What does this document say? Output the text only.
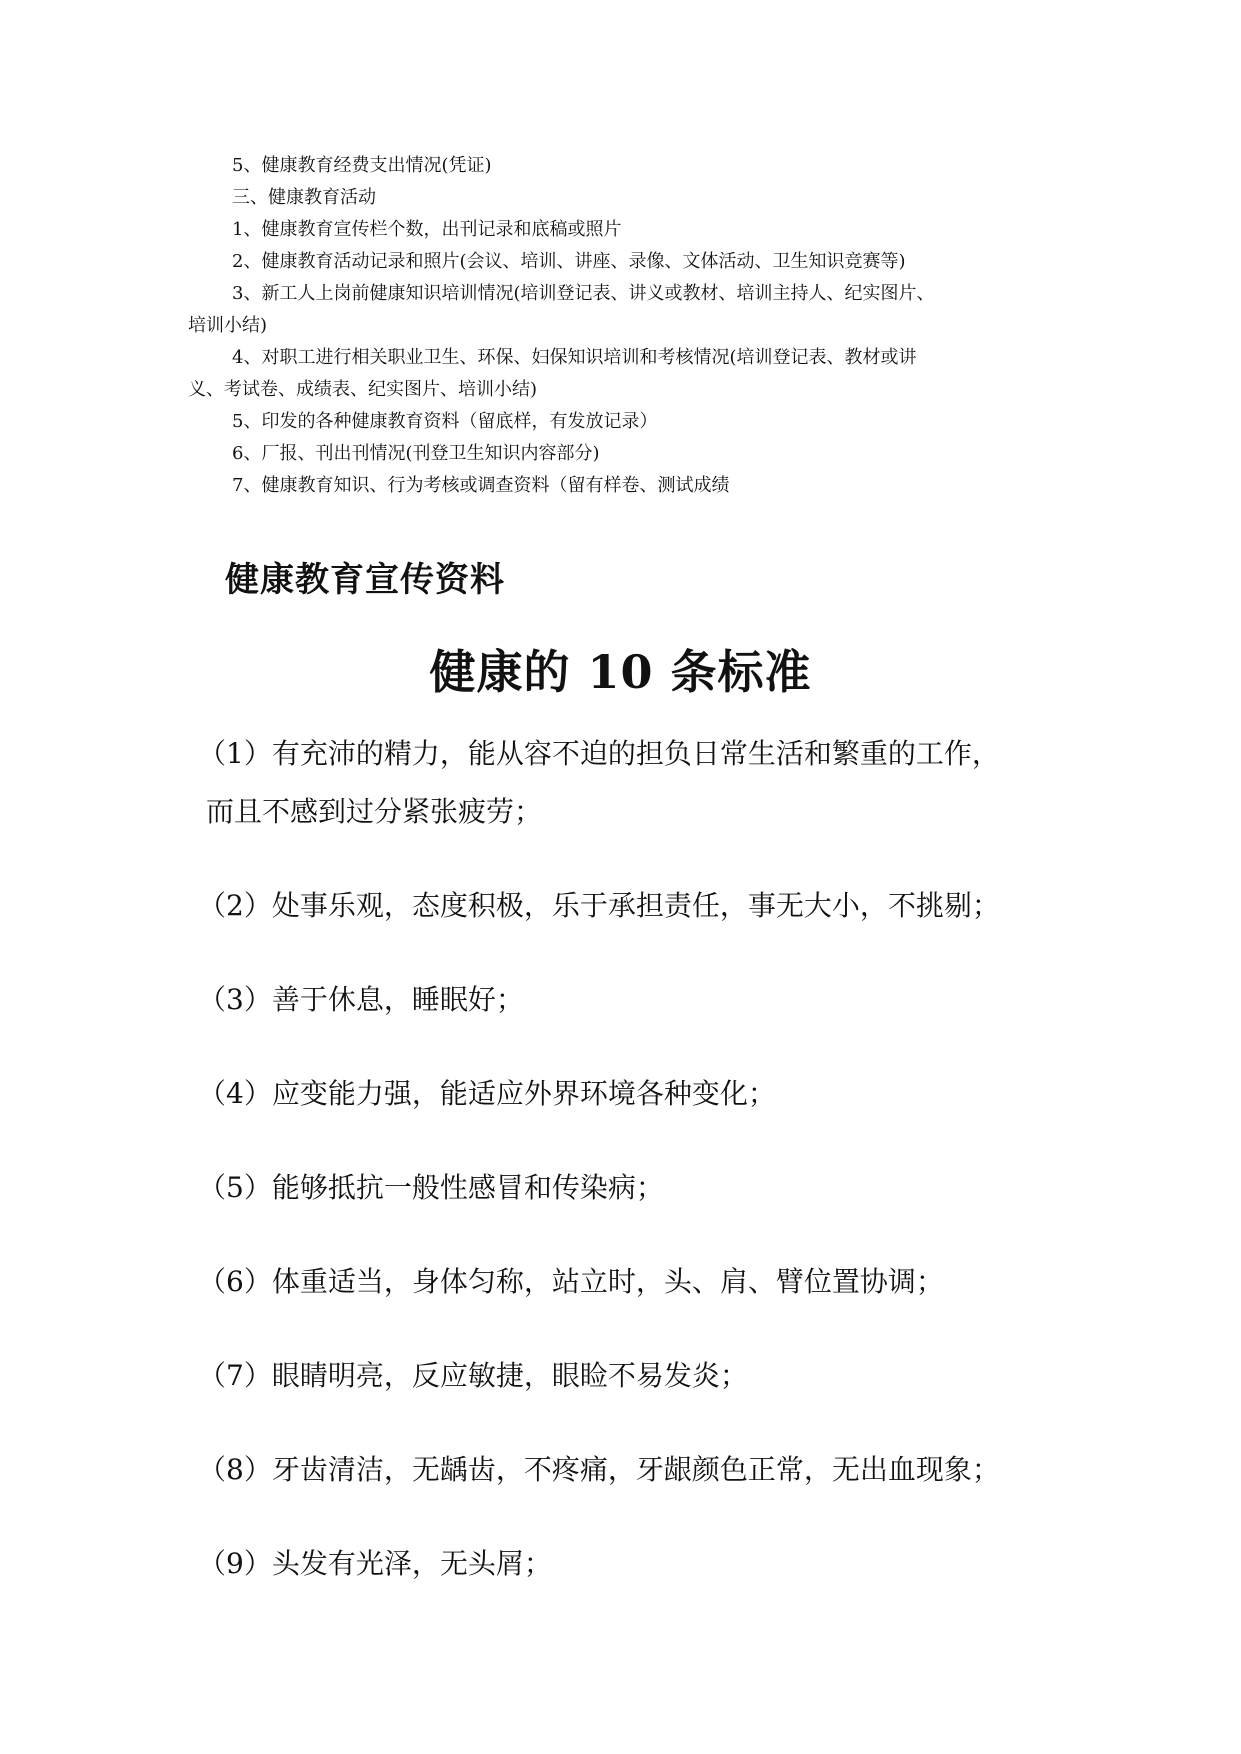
5、健康教育经费支出情况(凭证)

三、健康教育活动

1、健康教育宣传栏个数，出刊记录和底稿或照片

2、健康教育活动记录和照片(会议、培训、讲座、录像、文体活动、卫生知识竞赛等)

3、新工人上岗前健康知识培训情况(培训登记表、讲义或教材、培训主持人、纪实图片、

培训小结)

4、对职工进行相关职业卫生、环保、妇保知识培训和考核情况(培训登记表、教材或讲

义、考试卷、成绩表、纪实图片、培训小结)

5、印发的各种健康教育资料（留底样，有发放记录）

6、厂报、刊出刊情况(刊登卫生知识内容部分)

7、健康教育知识、行为考核或调查资料（留有样卷、测试成绩

健康教育宣传资料
健康的 10 条标准

（1）有充沛的精力，能从容不迫的担负日常生活和繁重的工作，

而且不感到过分紧张疲劳；

（2）处事乐观，态度积极，乐于承担责任，事无大小，不挑剔；

（3）善于休息，睡眠好；

（4）应变能力强，能适应外界环境各种变化；

（5）能够抵抗一般性感冒和传染病；

（6）体重适当，身体匀称，站立时，头、肩、臂位置协调；

（7）眼睛明亮，反应敏捷，眼睑不易发炎；

（8）牙齿清洁，无龋齿，不疼痛，牙龈颜色正常，无出血现象；

（9）头发有光泽，无头屑；
